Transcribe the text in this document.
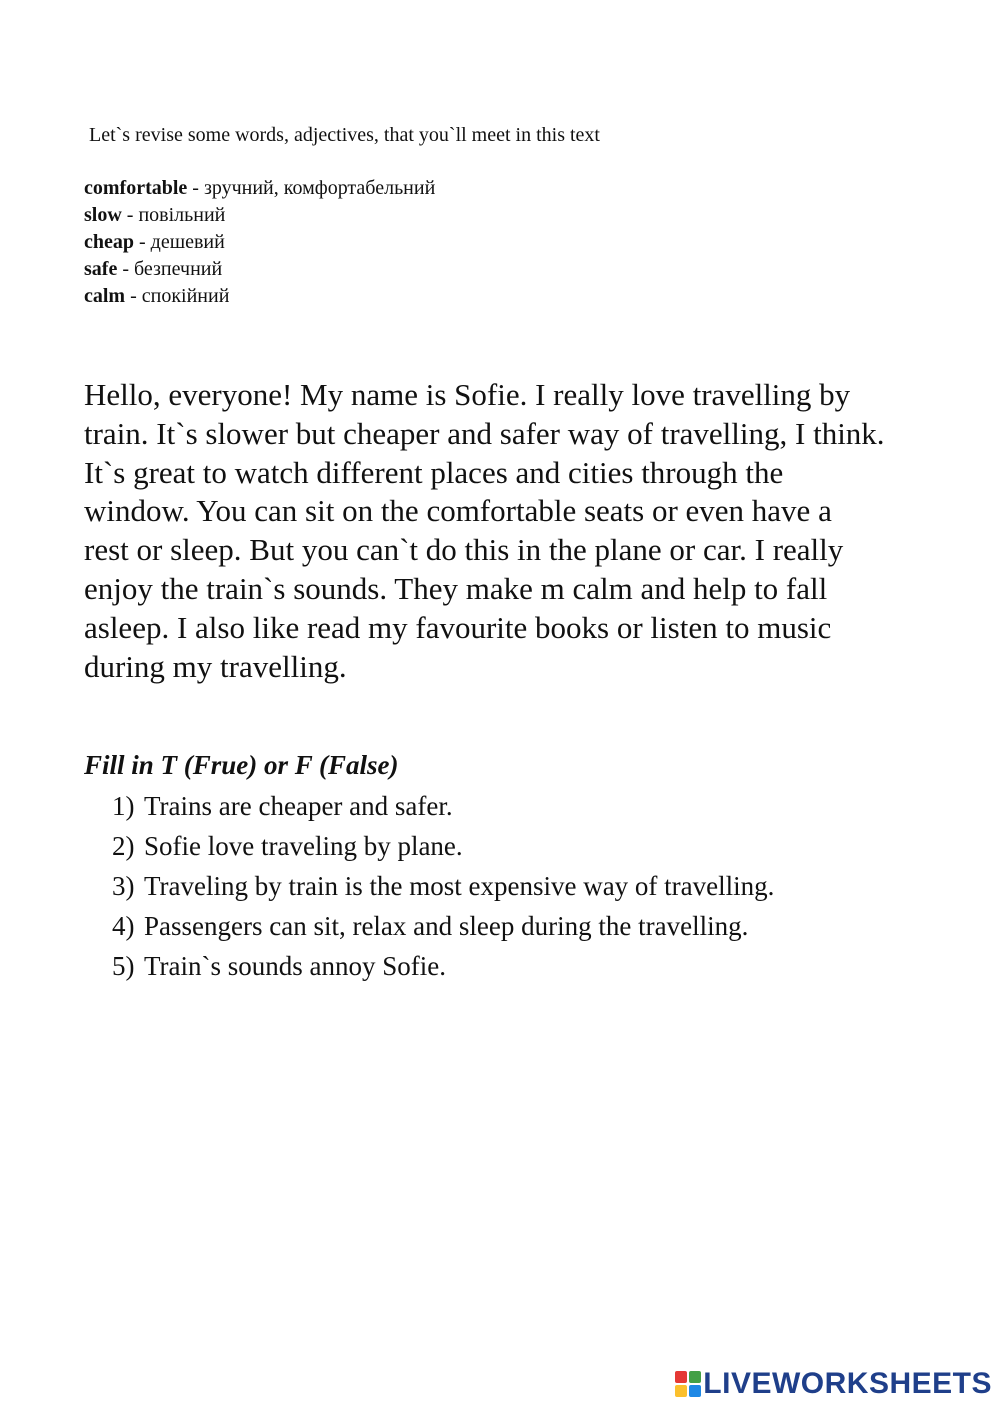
Let`s revise some words, adjectives, that you`ll meet in this text
comfortable - зручний, комфортабельний
slow - повільний
cheap - дешевий
safe - безпечний
calm - спокійний

Hello, everyone! My name is Sofie. I really love travelling by
train. It`s slower but cheaper and safer way of travelling, I think.
It`s great to watch different places and cities through the
window. You can sit on the comfortable seats or even have a
rest or sleep. But you can`t do this in the plane or car. I really
enjoy the train`s sounds. They make m calm and help to fall
asleep. I also like read my favourite books or listen to music
during my travelling.

Fill in T (Frue) or F (False)
1) Trains are cheaper and safer.
2) Sofie love traveling by plane.
3) Traveling by train is the most expensive way of travelling.
4) Passengers can sit, relax and sleep during the travelling.
5) Train`s sounds annoy Sofie.
LIVEWORKSHEETS
